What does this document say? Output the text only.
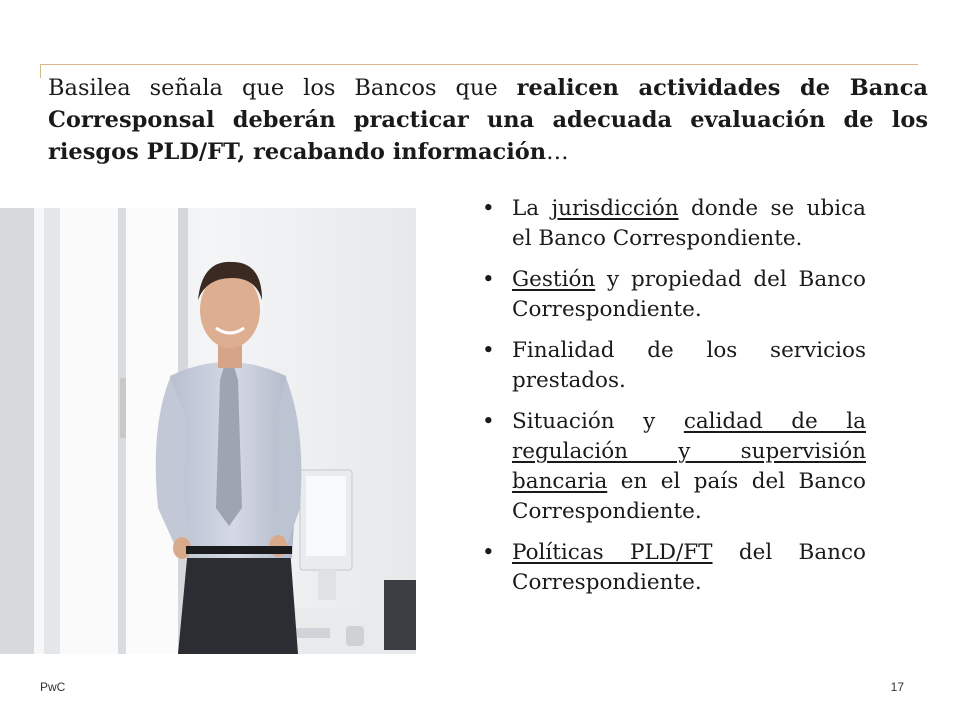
Basilea señala que los Bancos que realicen actividades de Banca Corresponsal deberán practicar una adecuada evaluación de los riesgos PLD/FT, recabando información…

• La jurisdicción donde se ubica el Banco Correspondiente.
• Gestión y propiedad del Banco Correspondiente.
• Finalidad de los servicios prestados.
• Situación y calidad de la regulación y supervisión bancaria en el país del Banco Correspondiente.
• Políticas PLD/FT del Banco Correspondiente.
PwC	17
